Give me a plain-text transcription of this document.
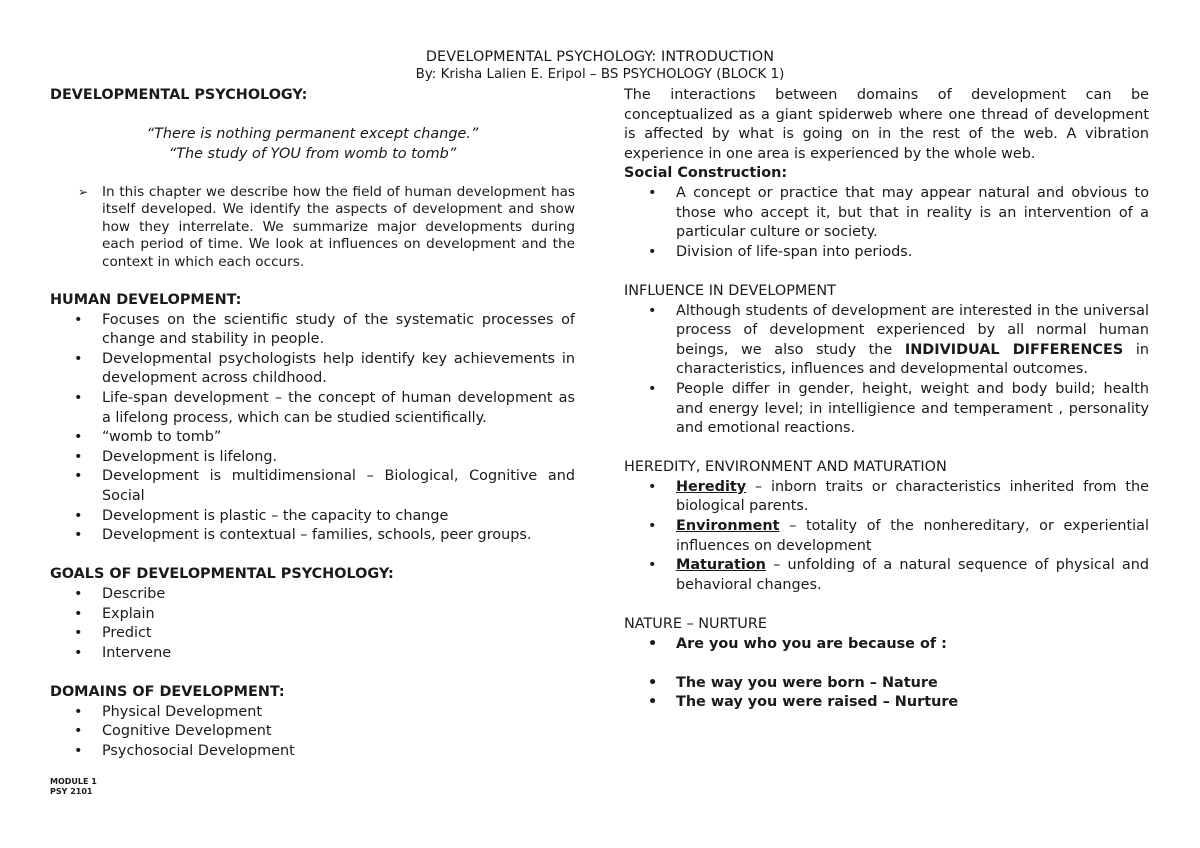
DEVELOPMENTAL PSYCHOLOGY: INTRODUCTION
By: Krisha Lalien E. Eripol – BS PSYCHOLOGY (BLOCK 1)

DEVELOPMENTAL PSYCHOLOGY:

“There is nothing permanent except change.”

“The study of YOU from womb to tomb”

➢ In this chapter we describe how the field of human development has itself developed. We identify the aspects of development and show how they interrelate. We summarize major developments during each period of time. We look at influences on development and the context in which each occurs.

HUMAN DEVELOPMENT:

• Focuses on the scientific study of the systematic processes of change and stability in people.
• Developmental psychologists help identify key achievements in development across childhood.
• Life-span development – the concept of human development as a lifelong process, which can be studied scientifically.
• “womb to tomb”
• Development is lifelong.
• Development is multidimensional – Biological, Cognitive and Social
• Development is plastic – the capacity to change
• Development is contextual – families, schools, peer groups.

GOALS OF DEVELOPMENTAL PSYCHOLOGY:

• Describe
• Explain
• Predict
• Intervene

DOMAINS OF DEVELOPMENT:

• Physical Development
• Cognitive Development
• Psychosocial Development

The interactions between domains of development can be conceptualized as a giant spiderweb where one thread of development is affected by what is going on in the rest of the web. A vibration experience in one area is experienced by the whole web.

Social Construction:

• A concept or practice that may appear natural and obvious to those who accept it, but that in reality is an intervention of a particular culture or society.
• Division of life-span into periods.

INFLUENCE IN DEVELOPMENT

• Although students of development are interested in the universal process of development experienced by all normal human beings, we also study the INDIVIDUAL DIFFERENCES in characteristics, influences and developmental outcomes.
• People differ in gender, height, weight and body build; health and energy level; in intelligience and temperament , personality and emotional reactions.

HEREDITY, ENVIRONMENT AND MATURATION

• Heredity – inborn traits or characteristics inherited from the biological parents.
• Environment – totality of the nonhereditary, or experiential influences on development
• Maturation – unfolding of a natural sequence of physical and behavioral changes.

NATURE – NURTURE

• Are you who you are because of :
• The way you were born – Nature
• The way you were raised – Nurture
MODULE 1
PSY 2101
